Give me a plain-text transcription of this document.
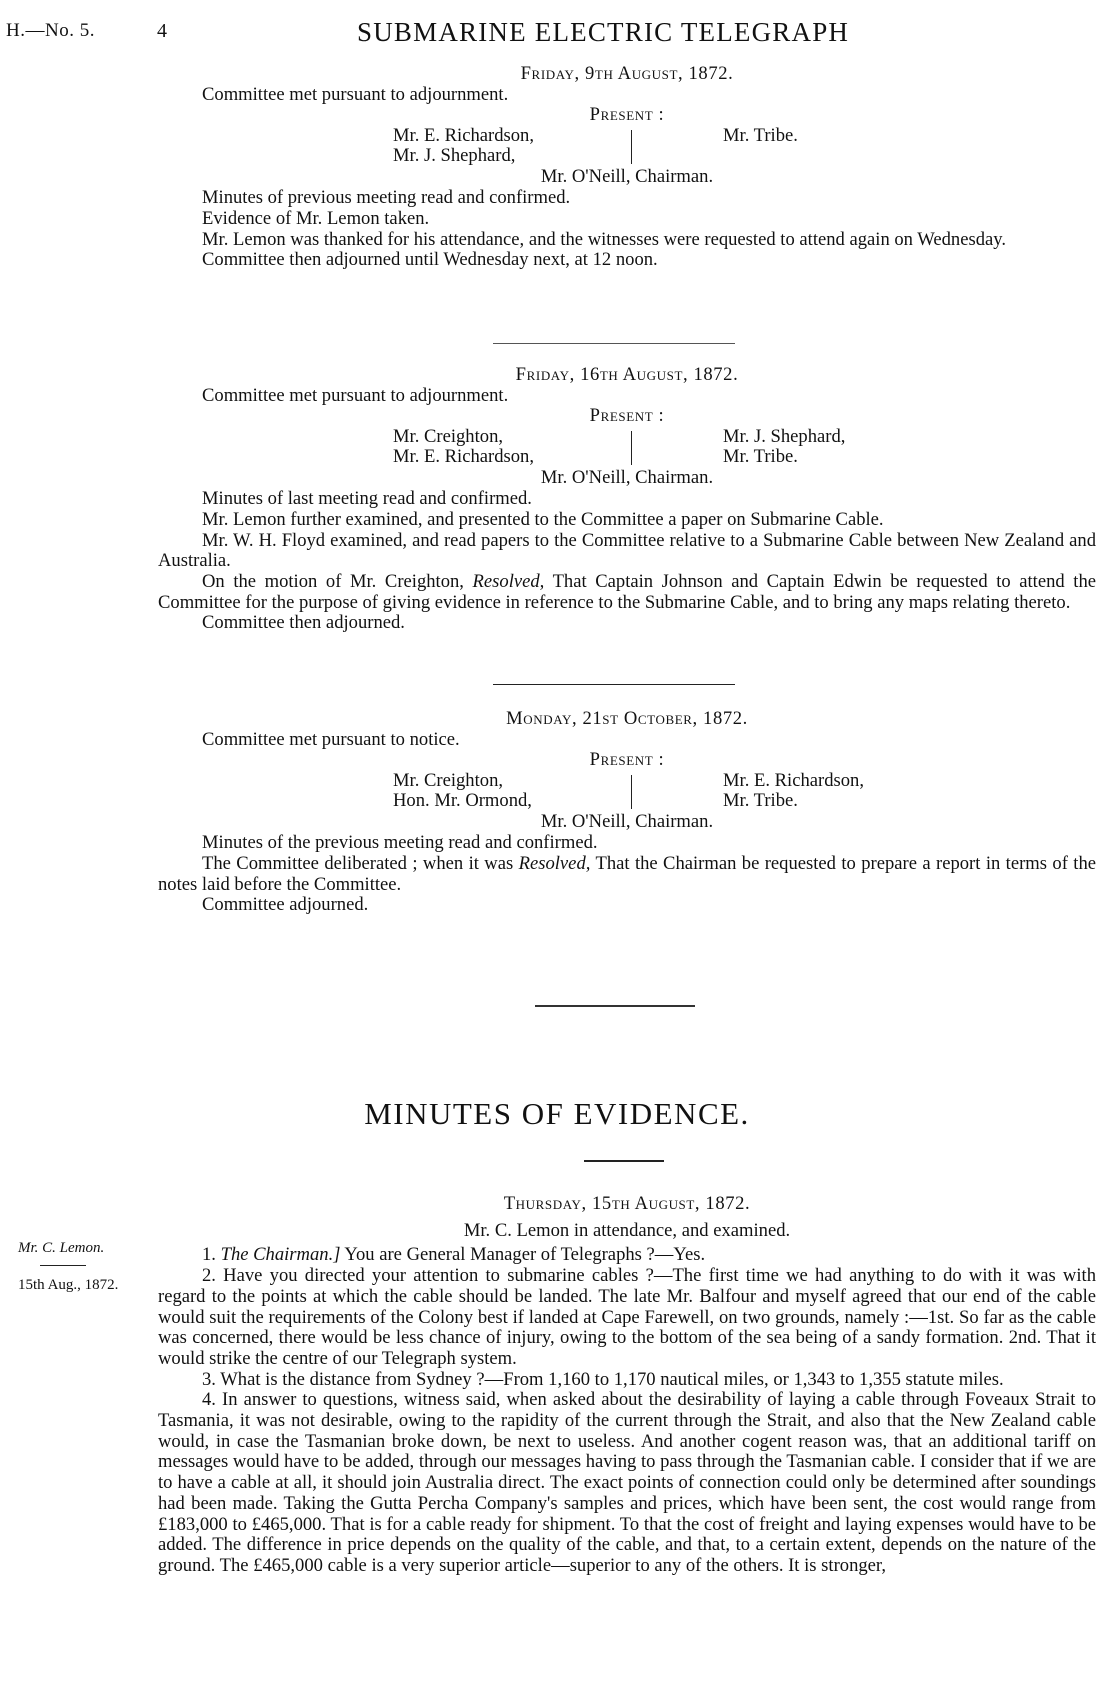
H.—No. 5.	4	SUBMARINE ELECTRIC TELEGRAPH

Friday, 9th August, 1872.

Committee met pursuant to adjournment.

Present :

Mr. E. Richardson,
Mr. J. Shephard,
Mr. Tribe.
Mr. O'Neill, Chairman.

Minutes of previous meeting read and confirmed.

Evidence of Mr. Lemon taken.

Mr. Lemon was thanked for his attendance, and the witnesses were requested to attend again on Wednesday.

Committee then adjourned until Wednesday next, at 12 noon.

Friday, 16th August, 1872.

Committee met pursuant to adjournment.

Present :

Mr. Creighton,
Mr. E. Richardson,
Mr. J. Shephard,
Mr. Tribe.
Mr. O'Neill, Chairman.

Minutes of last meeting read and confirmed.

Mr. Lemon further examined, and presented to the Committee a paper on Submarine Cable.

Mr. W. H. Floyd examined, and read papers to the Committee relative to a Submarine Cable between New Zealand and Australia.

On the motion of Mr. Creighton, Resolved, That Captain Johnson and Captain Edwin be requested to attend the Committee for the purpose of giving evidence in reference to the Submarine Cable, and to bring any maps relating thereto.

Committee then adjourned.

Monday, 21st October, 1872.

Committee met pursuant to notice.

Present :

Mr. Creighton,
Hon. Mr. Ormond,
Mr. E. Richardson,
Mr. Tribe.
Mr. O'Neill, Chairman.

Minutes of the previous meeting read and confirmed.

The Committee deliberated ; when it was Resolved, That the Chairman be requested to prepare a report in terms of the notes laid before the Committee.

Committee adjourned.

MINUTES OF EVIDENCE.
Mr. C. Lemon.
15th Aug., 1872.

Thursday, 15th August, 1872.

Mr. C. Lemon in attendance, and examined.

1. The Chairman.] You are General Manager of Telegraphs ?—Yes.

2. Have you directed your attention to submarine cables ?—The first time we had anything to do with it was with regard to the points at which the cable should be landed. The late Mr. Balfour and myself agreed that our end of the cable would suit the requirements of the Colony best if landed at Cape Farewell, on two grounds, namely :—1st. So far as the cable was concerned, there would be less chance of injury, owing to the bottom of the sea being of a sandy formation. 2nd. That it would strike the centre of our Telegraph system.

3. What is the distance from Sydney ?—From 1,160 to 1,170 nautical miles, or 1,343 to 1,355 statute miles.

4. In answer to questions, witness said, when asked about the desirability of laying a cable through Foveaux Strait to Tasmania, it was not desirable, owing to the rapidity of the current through the Strait, and also that the New Zealand cable would, in case the Tasmanian broke down, be next to useless. And another cogent reason was, that an additional tariff on messages would have to be added, through our messages having to pass through the Tasmanian cable. I consider that if we are to have a cable at all, it should join Australia direct. The exact points of connection could only be determined after soundings had been made. Taking the Gutta Percha Company's samples and prices, which have been sent, the cost would range from £183,000 to £465,000. That is for a cable ready for shipment. To that the cost of freight and laying expenses would have to be added. The difference in price depends on the quality of the cable, and that, to a certain extent, depends on the nature of the ground. The £465,000 cable is a very superior article—superior to any of the others. It is stronger,
